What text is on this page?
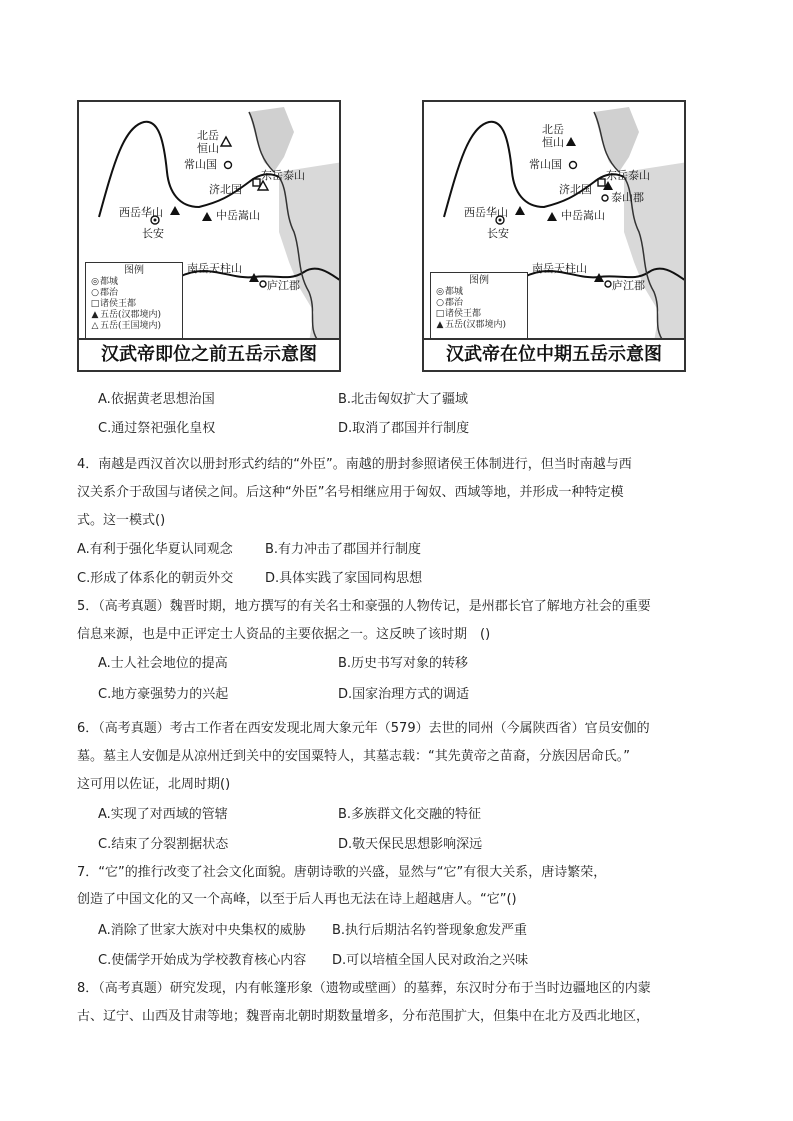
北岳
恒山
常山国
济北国
东岳泰山
西岳华山	中岳嵩山
长安
南岳天柱山
庐江郡
图例
◎都城
○郡治
□诸侯王都
▲ 五岳(汉郡境内)
△ 五岳(王国境内)
汉武帝即位之前五岳示意图
北岳
恒山
常山国
济北国
东岳泰山
泰山郡
西岳华山	中岳嵩山
长安
南岳天柱山
庐江郡
图例
◎都城
○郡治
□诸侯王都
▲ 五岳(汉郡境内)
汉武帝在位中期五岳示意图
A.依据黄老思想治国	B.北击匈奴扩大了疆域
C.通过祭祀强化皇权	D.取消了郡国并行制度
4．南越是西汉首次以册封形式约结的“外臣”。南越的册封参照诸侯王体制进行，但当时南越与西
汉关系介于敌国与诸侯之间。后这种“外臣”名号相继应用于匈奴、西域等地，并形成一种特定模
式。这一模式()
A.有利于强化华夏认同观念 B.有力冲击了郡国并行制度
C.形成了体系化的朝贡外交 D.具体实践了家国同构思想
5．（高考真题）魏晋时期，地方撰写的有关名士和豪强的人物传记，是州郡长官了解地方社会的重要
信息来源，也是中正评定士人资品的主要依据之一。这反映了该时期　()
A.士人社会地位的提高	B.历史书写对象的转移
C.地方豪强势力的兴起	D.国家治理方式的调适
6．（高考真题）考古工作者在西安发现北周大象元年（579）去世的同州（今属陕西省）官员安伽的
墓。墓主人安伽是从凉州迁到关中的安国粟特人，其墓志载：“其先黄帝之苗裔，分族因居命氏。”
这可用以佐证，北周时期()
A.实现了对西域的管辖	B.多族群文化交融的特征
C.结束了分裂割据状态	D.敬天保民思想影响深远
7．“它”的推行改变了社会文化面貌。唐朝诗歌的兴盛，显然与“它”有很大关系，唐诗繁荣，
创造了中国文化的又一个高峰，以至于后人再也无法在诗上超越唐人。“它”()
A.消除了世家大族对中央集权的威胁 B.执行后期沽名钓誉现象愈发严重
C.使儒学开始成为学校教育核心内容 D.可以培植全国人民对政治之兴味
8．（高考真题）研究发现，内有帐篷形象（遗物或壁画）的墓葬，东汉时分布于当时边疆地区的内蒙
古、辽宁、山西及甘肃等地；魏晋南北朝时期数量增多，分布范围扩大，但集中在北方及西北地区，
